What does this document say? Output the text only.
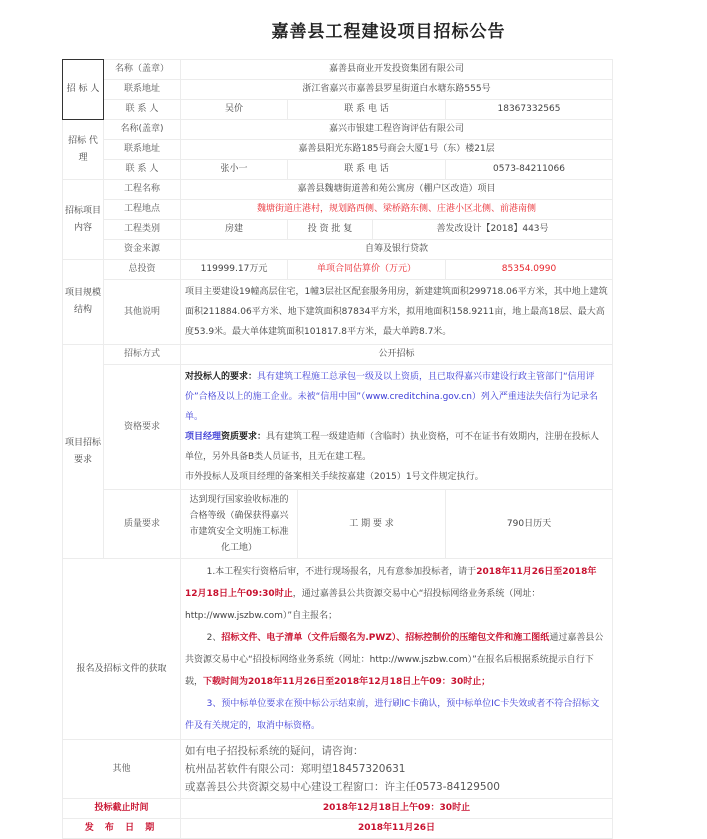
嘉善县工程建设项目招标公告
招 标 人	名称（盖章）	嘉善县商业开发投资集团有限公司				
	联系地址	浙江省嘉兴市嘉善县罗星街道白水塘东路555号				
	联 系 人	吴价	联 系 电 话			18367332565
招标 代理	名称(盖章)	嘉兴市银建工程咨询评估有限公司				
	联系地址	嘉善县阳光东路185号商会大厦1号（东）楼21层				
	联 系 人	张小一	联 系 电 话			0573-84211066
招标项目内容	工程名称	嘉善县魏塘街道善和苑公寓房（棚户区改造）项目				
	工程地点	魏塘街道庄港村，规划路西侧、梁桥路东侧、庄港小区北侧、前港南侧				
	工程类别	房建	投 资 批 复		善发改设计【2018】443号	
	资金来源	自筹及银行贷款				
项目规模结构	总投资	119999.17万元	单项合同估算价（万元）			85354.0990
	其他说明	项目主要建设19幢高层住宅，1幢3层社区配套服务用房，新建建筑面积299718.06平方米，其中地上建筑面积211884.06平方米、地下建筑面积87834平方米，拟用地面积158.9211亩，地上最高18层、最大高度53.9米。最大单体建筑面积101817.8平方米，最大单跨8.7米。				
项目招标要求	招标方式	公开招标				
	资格要求	对投标人的要求：具有建筑工程施工总承包一级及以上资质，且已取得嘉兴市建设行政主管部门“信用评价”合格及以上的施工企业。未被“信用中国”（www.creditchina.gov.cn）列入严重违法失信行为记录名单。
项目经理资质要求：具有建筑工程一级建造师（含临时）执业资格，可不在证书有效期内，注册在投标人单位，另外具备B类人员证书，且无在建工程。
市外投标人及项目经理的备案相关手续按嘉建（2015）1号文件规定执行。				

	质量要求	达到现行国家验收标准的合格等级（确保获得嘉兴市建筑安全文明施工标准化工地）		工 期 要 求		790日历天
报名及招标文件的获取		1.本工程实行资格后审，不进行现场报名，凡有意参加投标者，请于2018年11月26日至2018年 12月18日上午09:30时止，通过嘉善县公共资源交易中心“招投标网络业务系统（网址：http://www.jszbw.com）”自主报名；
2、招标文件、电子清单（文件后缀名为.PWZ）、招标控制价的压缩包文件和施工图纸通过嘉善县公共资源交易中心“招投标网络业务系统（网址：http://www.jszbw.com）”在报名后根据系统提示自行下载，下载时间为2018年11月26日至2018年12月18日上午09：30时止；
3、预中标单位要求在预中标公示结束前，进行刷IC卡确认，预中标单位IC卡失效或者不符合招标文件及有关规定的，取消中标资格。				

其他		如有电子招投标系统的疑问，请咨询：
杭州品茗软件有限公司：郑明望18457320631
或嘉善县公共资源交易中心建设工程窗口：许主任0573-84129500				

投标截止时间		2018年12月18日上午09：30时止				
发 布 日 期		2018年11月26日				
